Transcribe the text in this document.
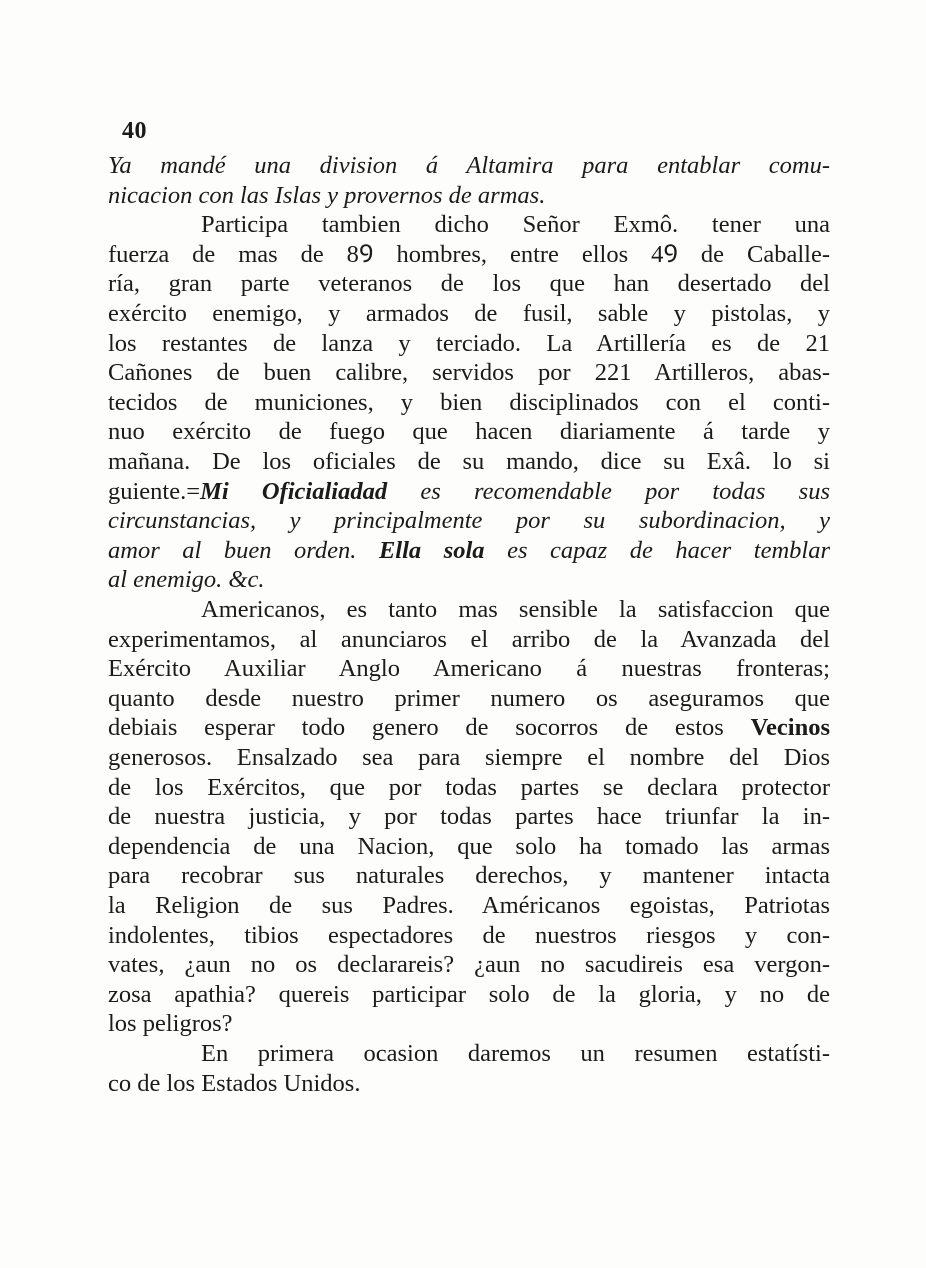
40
Ya mandé una division á Altamira para entablar comu-
nicacion con las Islas y provernos de armas.
Participa tambien dicho Señor Exmô. tener una
fuerza de mas de 8Ꝯ hombres, entre ellos 4Ꝯ de Caballe-
ría, gran parte veteranos de los que han desertado del
exército enemigo, y armados de fusil, sable y pistolas, y
los restantes de lanza y terciado. La Artillería es de 21
Cañones de buen calibre, servidos por 221 Artilleros, abas-
tecidos de municiones, y bien disciplinados con el conti-
nuo exército de fuego que hacen diariamente á tarde y
mañana. De los oficiales de su mando, dice su Exâ. lo si
guiente.=Mi Oficialiadad es recomendable por todas sus
circunstancias, y principalmente por su subordinacion, y
amor al buen orden. Ella sola es capaz de hacer temblar
al enemigo. &c.
Americanos, es tanto mas sensible la satisfaccion que
experimentamos, al anunciaros el arribo de la Avanzada del
Exército Auxiliar Anglo Americano á nuestras fronteras;
quanto desde nuestro primer numero os aseguramos que
debiais esperar todo genero de socorros de estos Vecinos
generosos. Ensalzado sea para siempre el nombre del Dios
de los Exércitos, que por todas partes se declara protector
de nuestra justicia, y por todas partes hace triunfar la in-
dependencia de una Nacion, que solo ha tomado las armas
para recobrar sus naturales derechos, y mantener intacta
la Religion de sus Padres. Américanos egoistas, Patriotas
indolentes, tibios espectadores de nuestros riesgos y con-
vates, ¿aun no os declarareis? ¿aun no sacudireis esa vergon-
zosa apathia? quereis participar solo de la gloria, y no de
los peligros?
En primera ocasion daremos un resumen estatísti-
co de los Estados Unidos.
